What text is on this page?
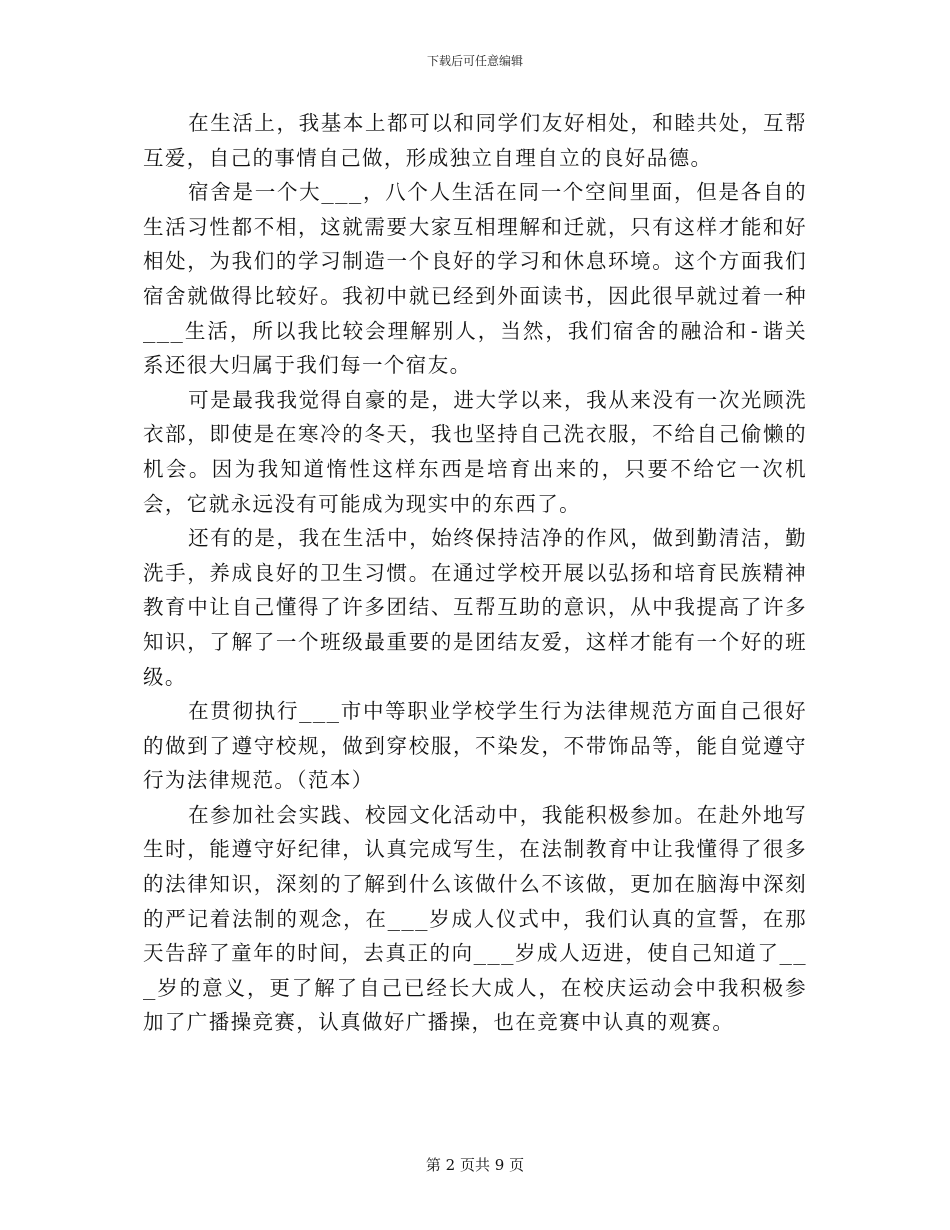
下载后可任意编辑

在生活上，我基本上都可以和同学们友好相处，和睦共处，互帮互爱，自己的事情自己做，形成独立自理自立的良好品德。

宿舍是一个大___，八个人生活在同一个空间里面，但是各自的生活习性都不相，这就需要大家互相理解和迁就，只有这样才能和好相处，为我们的学习制造一个良好的学习和休息环境。这个方面我们宿舍就做得比较好。我初中就已经到外面读书，因此很早就过着一种___生活，所以我比较会理解别人，当然，我们宿舍的融洽和-谐关系还很大归属于我们每一个宿友。

可是最我我觉得自豪的是，进大学以来，我从来没有一次光顾洗衣部，即使是在寒冷的冬天，我也坚持自己洗衣服，不给自己偷懒的机会。因为我知道惰性这样东西是培育出来的，只要不给它一次机会，它就永远没有可能成为现实中的东西了。

还有的是，我在生活中，始终保持洁净的作风，做到勤清洁，勤洗手，养成良好的卫生习惯。在通过学校开展以弘扬和培育民族精神教育中让自己懂得了许多团结、互帮互助的意识，从中我提高了许多知识，了解了一个班级最重要的是团结友爱，这样才能有一个好的班级。

在贯彻执行___市中等职业学校学生行为法律规范方面自己很好的做到了遵守校规，做到穿校服，不染发，不带饰品等，能自觉遵守行为法律规范。（范本）

在参加社会实践、校园文化活动中，我能积极参加。在赴外地写生时，能遵守好纪律，认真完成写生，在法制教育中让我懂得了很多的法律知识，深刻的了解到什么该做什么不该做，更加在脑海中深刻的严记着法制的观念，在___岁成人仪式中，我们认真的宣誓，在那天告辞了童年的时间，去真正的向___岁成人迈进，使自己知道了___岁的意义，更了解了自己已经长大成人，在校庆运动会中我积极参加了广播操竞赛，认真做好广播操，也在竞赛中认真的观赛。

第 2 页共 9 页
